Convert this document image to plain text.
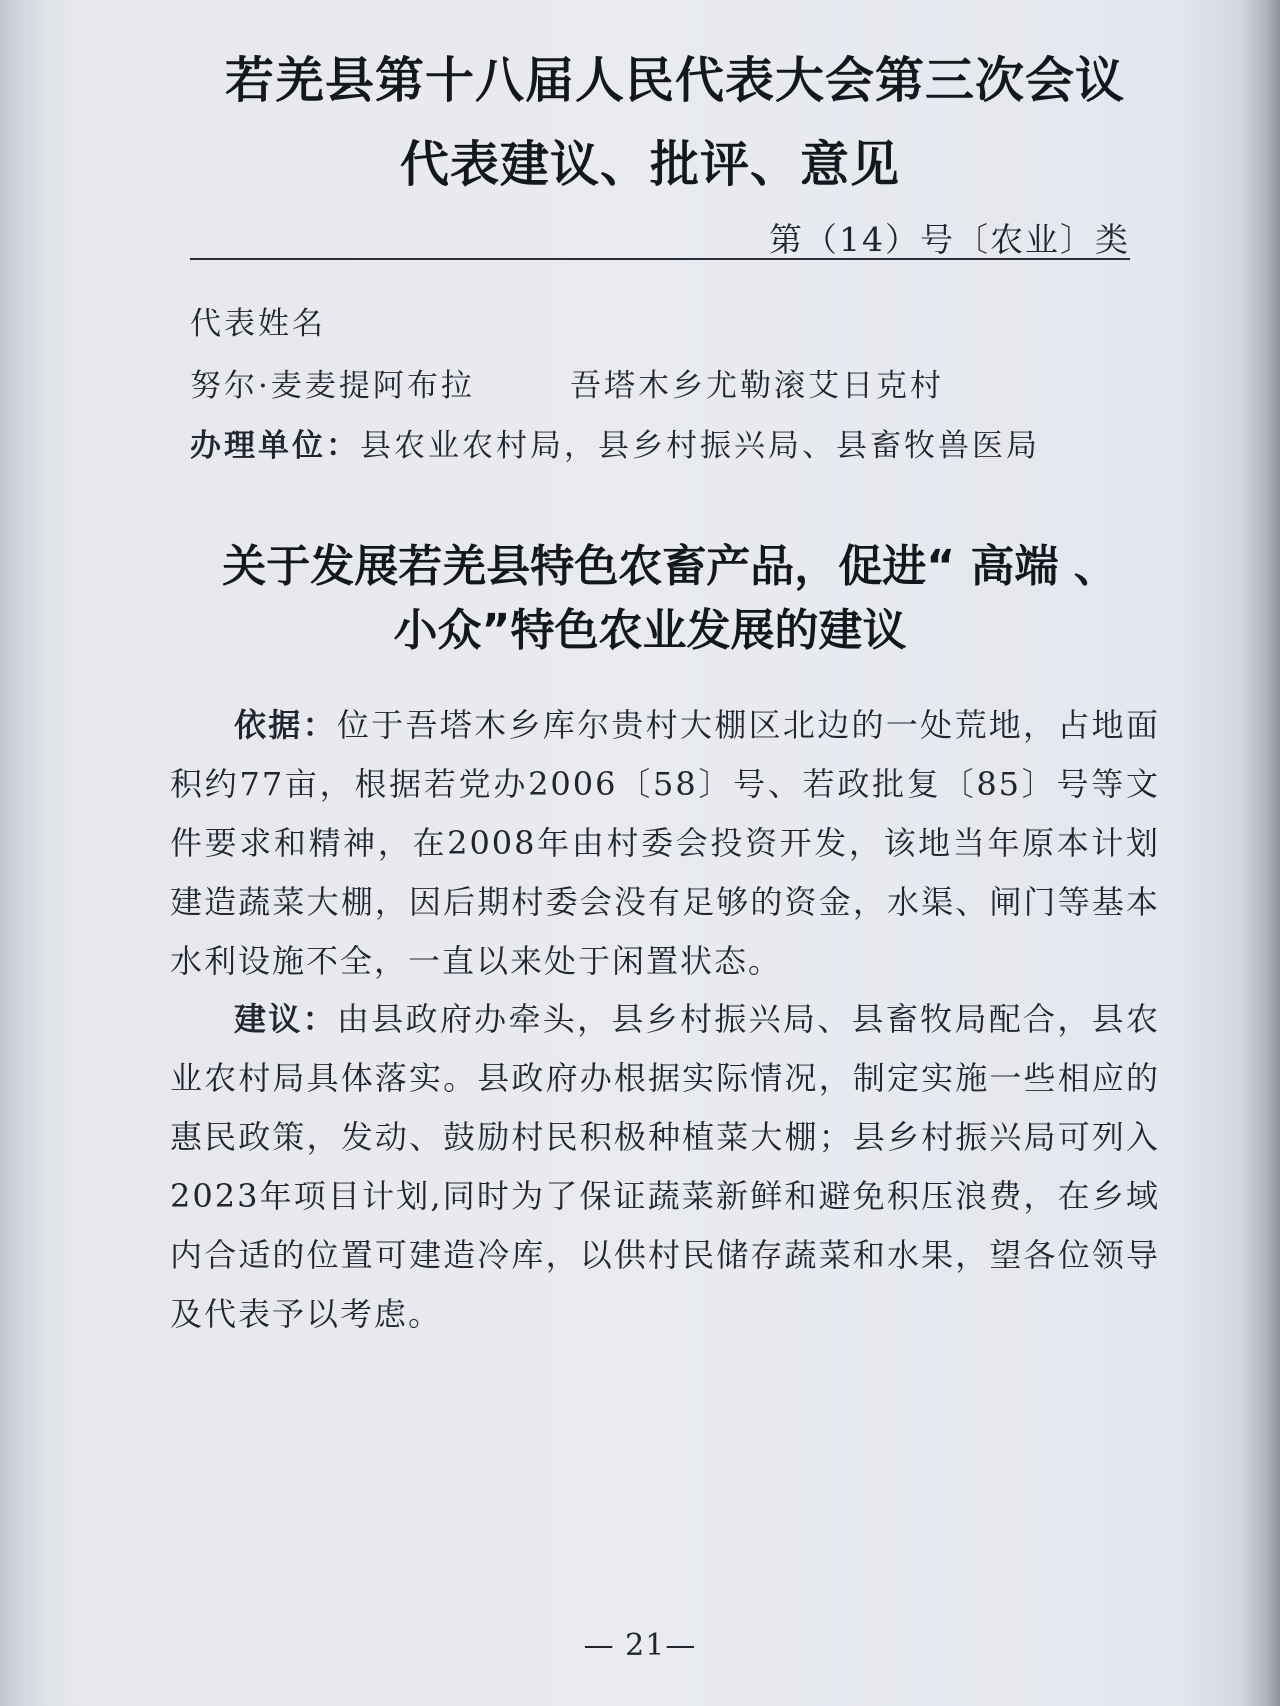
若羌县第十八届人民代表大会第三次会议
代表建议、批评、意见
第（14）号〔农业〕类
代表姓名
努尔·麦麦提阿布拉	吾塔木乡尤勒滚艾日克村
办理单位：县农业农村局，县乡村振兴局、县畜牧兽医局
关于发展若羌县特色农畜产品，促进“ 高端 、
小众”特色农业发展的建议

依据：位于吾塔木乡库尔贵村大棚区北边的一处荒地，占地面积约77亩，根据若党办2006〔58〕号、若政批复〔85〕号等文件要求和精神，在2008年由村委会投资开发，该地当年原本计划建造蔬菜大棚，因后期村委会没有足够的资金，水渠、闸门等基本水利设施不全，一直以来处于闲置状态。

建议：由县政府办牵头，县乡村振兴局、县畜牧局配合，县农业农村局具体落实。县政府办根据实际情况，制定实施一些相应的惠民政策，发动、鼓励村民积极种植菜大棚；县乡村振兴局可列入2023年项目计划,同时为了保证蔬菜新鲜和避免积压浪费，在乡域内合适的位置可建造冷库，以供村民储存蔬菜和水果，望各位领导及代表予以考虑。

— 21—
